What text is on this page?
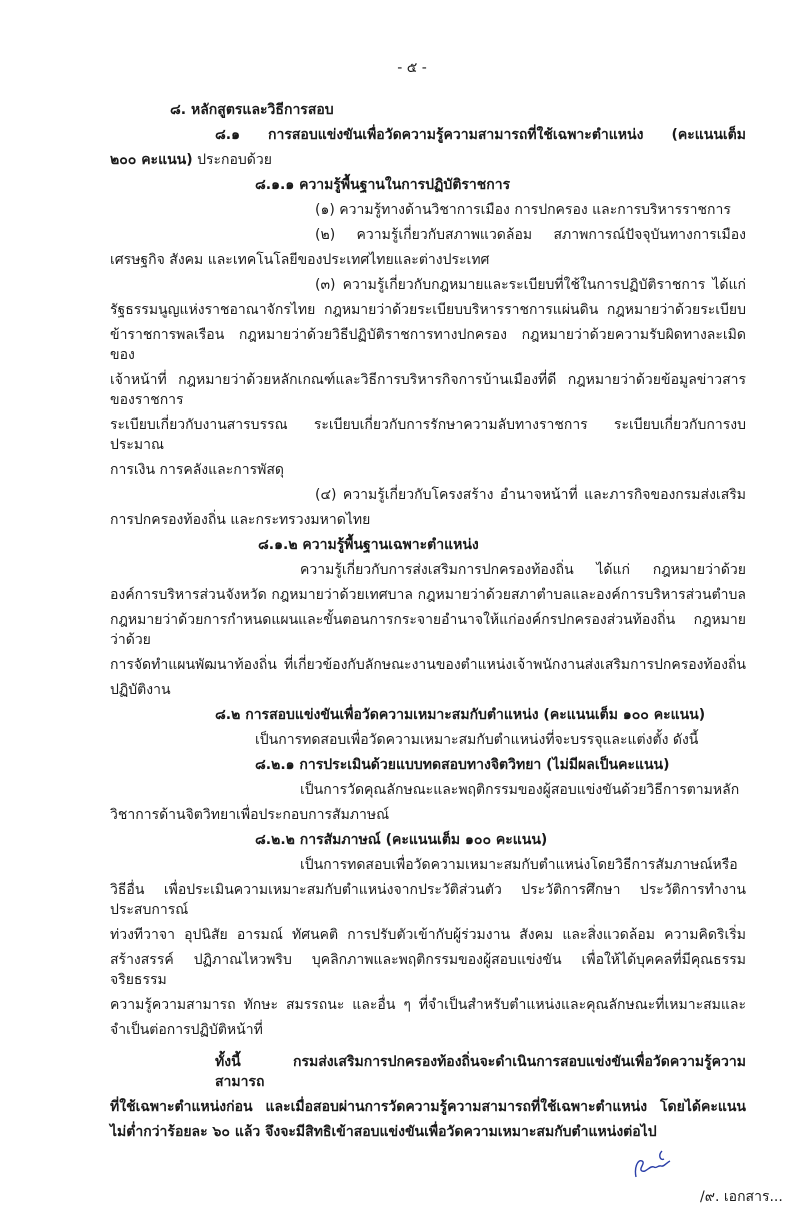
- ๕ -
๘. หลักสูตรและวิธีการสอบ
๘.๑ การสอบแข่งขันเพื่อวัดความรู้ความสามารถที่ใช้เฉพาะตำแหน่ง (คะแนนเต็ม
๒๐๐ คะแนน) ประกอบด้วย
๘.๑.๑ ความรู้พื้นฐานในการปฏิบัติราชการ
(๑) ความรู้ทางด้านวิชาการเมือง การปกครอง และการบริหารราชการ
(๒) ความรู้เกี่ยวกับสภาพแวดล้อม สภาพการณ์ปัจจุบันทางการเมือง
เศรษฐกิจ สังคม และเทคโนโลยีของประเทศไทยและต่างประเทศ
(๓) ความรู้เกี่ยวกับกฎหมายและระเบียบที่ใช้ในการปฏิบัติราชการ ได้แก่
รัฐธรรมนูญแห่งราชอาณาจักรไทย กฎหมายว่าด้วยระเบียบบริหารราชการแผ่นดิน กฎหมายว่าด้วยระเบียบ
ข้าราชการพลเรือน กฎหมายว่าด้วยวิธีปฏิบัติราชการทางปกครอง กฎหมายว่าด้วยความรับผิดทางละเมิดของ
เจ้าหน้าที่ กฎหมายว่าด้วยหลักเกณฑ์และวิธีการบริหารกิจการบ้านเมืองที่ดี กฎหมายว่าด้วยข้อมูลข่าวสารของราชการ
ระเบียบเกี่ยวกับงานสารบรรณ ระเบียบเกี่ยวกับการรักษาความลับทางราชการ ระเบียบเกี่ยวกับการงบประมาณ
การเงิน การคลังและการพัสดุ
(๔) ความรู้เกี่ยวกับโครงสร้าง อำนาจหน้าที่ และภารกิจของกรมส่งเสริม
การปกครองท้องถิ่น และกระทรวงมหาดไทย
๘.๑.๒ ความรู้พื้นฐานเฉพาะตำแหน่ง
ความรู้เกี่ยวกับการส่งเสริมการปกครองท้องถิ่น ได้แก่ กฎหมายว่าด้วย
องค์การบริหารส่วนจังหวัด กฎหมายว่าด้วยเทศบาล กฎหมายว่าด้วยสภาตำบลและองค์การบริหารส่วนตำบล
กฎหมายว่าด้วยการกำหนดแผนและขั้นตอนการกระจายอำนาจให้แก่องค์กรปกครองส่วนท้องถิ่น กฎหมายว่าด้วย
การจัดทำแผนพัฒนาท้องถิ่น ที่เกี่ยวข้องกับลักษณะงานของตำแหน่งเจ้าพนักงานส่งเสริมการปกครองท้องถิ่น
ปฏิบัติงาน
๘.๒ การสอบแข่งขันเพื่อวัดความเหมาะสมกับตำแหน่ง (คะแนนเต็ม ๑๐๐ คะแนน)
เป็นการทดสอบเพื่อวัดความเหมาะสมกับตำแหน่งที่จะบรรจุและแต่งตั้ง ดังนี้
๘.๒.๑ การประเมินด้วยแบบทดสอบทางจิตวิทยา (ไม่มีผลเป็นคะแนน)
เป็นการวัดคุณลักษณะและพฤติกรรมของผู้สอบแข่งขันด้วยวิธีการตามหลัก
วิชาการด้านจิตวิทยาเพื่อประกอบการสัมภาษณ์
๘.๒.๒ การสัมภาษณ์ (คะแนนเต็ม ๑๐๐ คะแนน)
เป็นการทดสอบเพื่อวัดความเหมาะสมกับตำแหน่งโดยวิธีการสัมภาษณ์หรือ
วิธีอื่น เพื่อประเมินความเหมาะสมกับตำแหน่งจากประวัติส่วนตัว ประวัติการศึกษา ประวัติการทำงาน ประสบการณ์
ท่วงทีวาจา อุปนิสัย อารมณ์ ทัศนคติ การปรับตัวเข้ากับผู้ร่วมงาน สังคม และสิ่งแวดล้อม ความคิดริเริ่ม
สร้างสรรค์ ปฏิภาณไหวพริบ บุคลิกภาพและพฤติกรรมของผู้สอบแข่งขัน เพื่อให้ได้บุคคลที่มีคุณธรรม จริยธรรม
ความรู้ความสามารถ ทักษะ สมรรถนะ และอื่น ๆ ที่จำเป็นสำหรับตำแหน่งและคุณลักษณะที่เหมาะสมและ
จำเป็นต่อการปฏิบัติหน้าที่
ทั้งนี้ กรมส่งเสริมการปกครองท้องถิ่นจะดำเนินการสอบแข่งขันเพื่อวัดความรู้ความสามารถ
ที่ใช้เฉพาะตำแหน่งก่อน และเมื่อสอบผ่านการวัดความรู้ความสามารถที่ใช้เฉพาะตำแหน่ง โดยได้คะแนน
ไม่ต่ำกว่าร้อยละ ๖๐ แล้ว จึงจะมีสิทธิเข้าสอบแข่งขันเพื่อวัดความเหมาะสมกับตำแหน่งต่อไป
/๙. เอกสาร...
